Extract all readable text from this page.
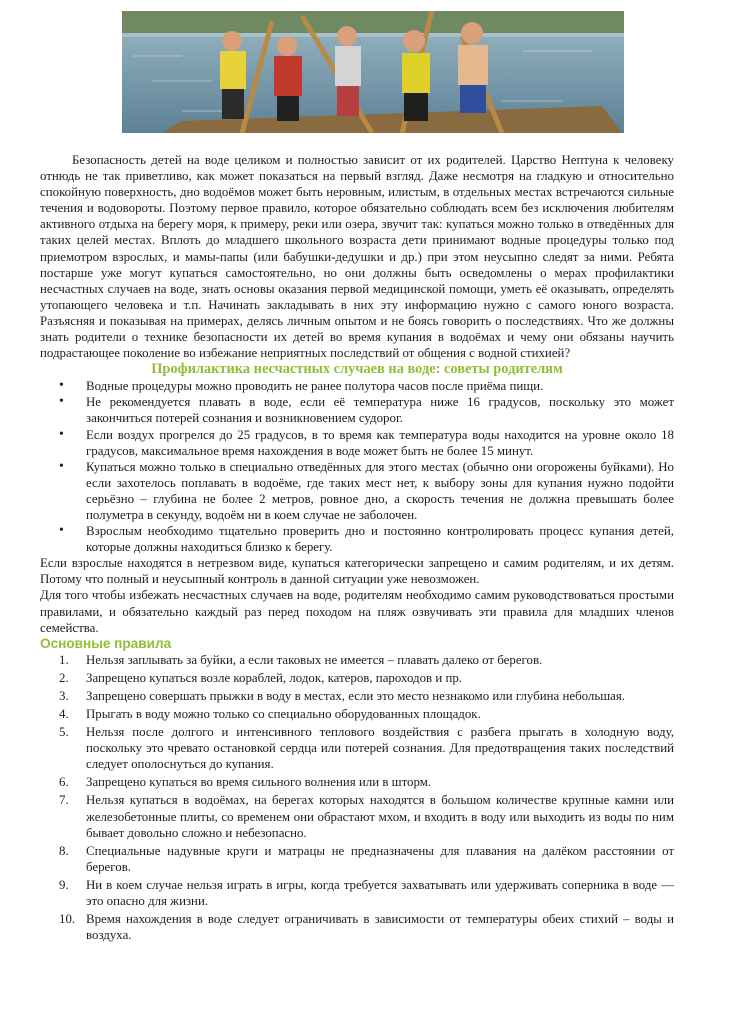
Безопасность детей на воде целиком и полностью зависит от их родителей. Царство Нептуна к человеку отнюдь не так приветливо, как может показаться на первый взгляд. Даже несмотря на гладкую и относительно спокойную поверхность, дно водоёмов может быть неровным, илистым, в отдельных местах встречаются сильные течения и водовороты. Поэтому первое правило, которое обязательно соблюдать всем без исключения любителям активного отдыха на берегу моря, к примеру, реки или озера, звучит так: купаться можно только в отведённых для таких целей местах. Вплоть до младшего школьного возраста дети принимают водные процедуры только под приемотром взрослых, и мамы-папы (или бабушки-дедушки и др.) при этом неусыпно следят за ними. Ребята постарше уже могут купаться самостоятельно, но они должны быть осведомлены о мерах профилактики несчастных случаев на воде, знать основы оказания первой медицинской помощи, уметь её оказывать, определять утопающего человека и т.п. Начинать закладывать в них эту информацию нужно с самого юного возраста. Разъясняя и показывая на примерах, делясь личным опытом и не боясь говорить о последствиях. Что же должны знать родители о технике безопасности их детей во время купания в водоёмах и чему они обязаны научить подрастающее поколение во избежание неприятных последствий от общения с водной стихией?

Профилактика несчастных случаев на воде: советы родителям

• Водные процедуры можно проводить не ранее полутора часов после приёма пищи.
• Не рекомендуется плавать в воде, если её температура ниже 16 градусов, поскольку это может закончиться потерей сознания и возникновением судорог.
• Если воздух прогрелся до 25 градусов, в то время как температура воды находится на уровне около 18 градусов, максимальное время нахождения в воде может быть не более 15 минут.
• Купаться можно только в специально отведённых для этого местах (обычно они огорожены буйками). Но если захотелось поплавать в водоёме, где таких мест нет, к выбору зоны для купания нужно подойти серьёзно – глубина не более 2 метров, ровное дно, а скорость течения не должна превышать более полуметра в секунду, водоём ни в коем случае не заболочен.
• Взрослым необходимо тщательно проверить дно и постоянно контролировать процесс купания детей, которые должны находиться близко к берегу.

Если взрослые находятся в нетрезвом виде, купаться категорически запрещено и самим родителям, и их детям. Потому что полный и неусыпный контроль в данной ситуации уже невозможен.

Для того чтобы избежать несчастных случаев на воде, родителям необходимо самим руководствоваться простыми правилами, и обязательно каждый раз перед походом на пляж озвучивать эти правила для младших членов семейства.

Основные правила

Нельзя заплывать за буйки, а если таковых не имеется – плавать далеко от берегов.
Запрещено купаться возле кораблей, лодок, катеров, пароходов и пр.
Запрещено совершать прыжки в воду в местах, если это место незнакомо или глубина небольшая.
Прыгать в воду можно только со специально оборудованных площадок.
Нельзя после долгого и интенсивного теплового воздействия с разбега прыгать в холодную воду, поскольку это чревато остановкой сердца или потерей сознания. Для предотвращения таких последствий следует ополоснуться до купания.
Запрещено купаться во время сильного волнения или в шторм.
Нельзя купаться в водоёмах, на берегах которых находятся в большом количестве крупные камни или железобетонные плиты, со временем они обрастают мхом, и входить в воду или выходить из воды по ним бывает довольно сложно и небезопасно.
Специальные надувные круги и матрацы не предназначены для плавания на далёком расстоянии от берегов.
Ни в коем случае нельзя играть в игры, когда требуется захватывать или удерживать соперника в воде — это опасно для жизни.
Время нахождения в воде следует ограничивать в зависимости от температуры обеих стихий – воды и воздуха.
